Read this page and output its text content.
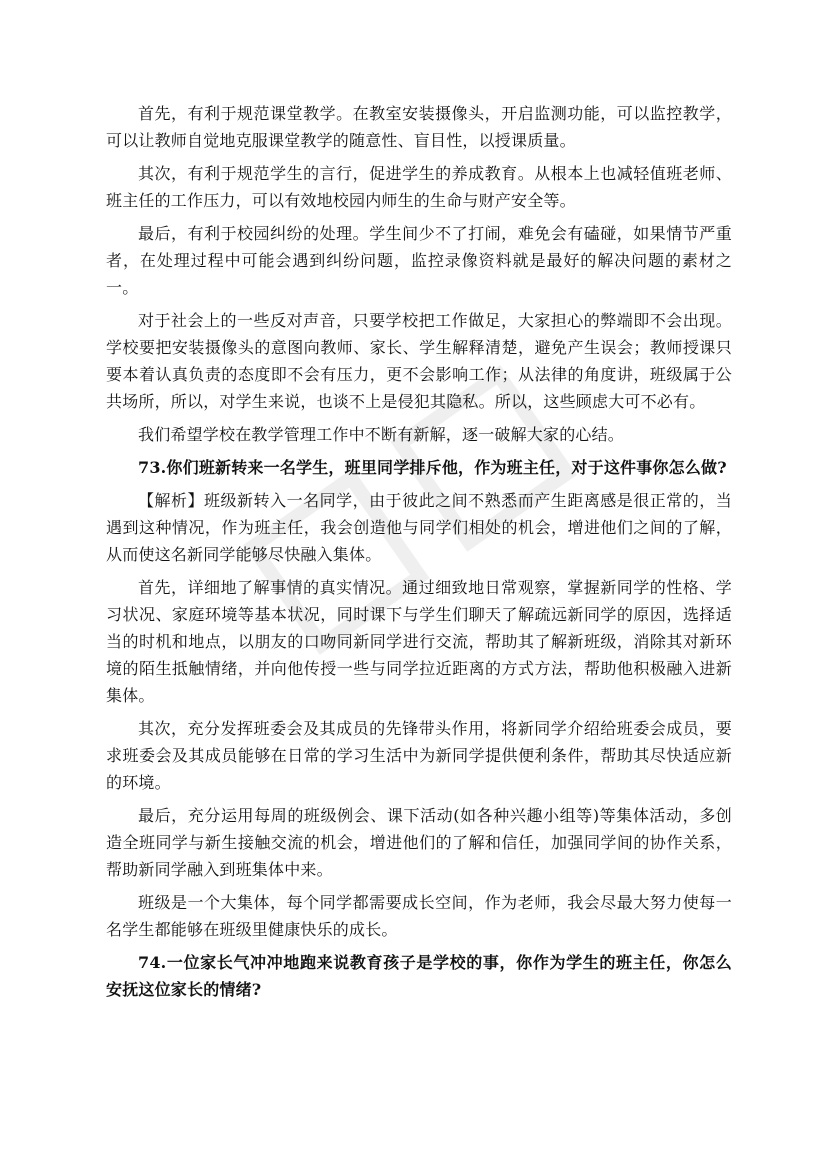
首先，有利于规范课堂教学。在教室安装摄像头，开启监测功能，可以监控教学，可以让教师自觉地克服课堂教学的随意性、盲目性，以授课质量。

其次，有利于规范学生的言行，促进学生的养成教育。从根本上也减轻值班老师、班主任的工作压力，可以有效地校园内师生的生命与财产安全等。

最后，有利于校园纠纷的处理。学生间少不了打闹，难免会有磕碰，如果情节严重者，在处理过程中可能会遇到纠纷问题，监控录像资料就是最好的解决问题的素材之一。

对于社会上的一些反对声音，只要学校把工作做足，大家担心的弊端即不会出现。学校要把安装摄像头的意图向教师、家长、学生解释清楚，避免产生误会；教师授课只要本着认真负责的态度即不会有压力，更不会影响工作；从法律的角度讲，班级属于公共场所，所以，对学生来说，也谈不上是侵犯其隐私。所以，这些顾虑大可不必有。

我们希望学校在教学管理工作中不断有新解，逐一破解大家的心结。

73.你们班新转来一名学生，班里同学排斥他，作为班主任，对于这件事你怎么做?

【解析】班级新转入一名同学，由于彼此之间不熟悉而产生距离感是很正常的，当遇到这种情况，作为班主任，我会创造他与同学们相处的机会，增进他们之间的了解，从而使这名新同学能够尽快融入集体。

首先，详细地了解事情的真实情况。通过细致地日常观察，掌握新同学的性格、学习状况、家庭环境等基本状况，同时课下与学生们聊天了解疏远新同学的原因，选择适当的时机和地点，以朋友的口吻同新同学进行交流，帮助其了解新班级，消除其对新环境的陌生抵触情绪，并向他传授一些与同学拉近距离的方式方法，帮助他积极融入进新集体。

其次，充分发挥班委会及其成员的先锋带头作用，将新同学介绍给班委会成员，要求班委会及其成员能够在日常的学习生活中为新同学提供便利条件，帮助其尽快适应新的环境。

最后，充分运用每周的班级例会、课下活动(如各种兴趣小组等)等集体活动，多创造全班同学与新生接触交流的机会，增进他们的了解和信任，加强同学间的协作关系，帮助新同学融入到班集体中来。

班级是一个大集体，每个同学都需要成长空间，作为老师，我会尽最大努力使每一名学生都能够在班级里健康快乐的成长。

74.一位家长气冲冲地跑来说教育孩子是学校的事，你作为学生的班主任，你怎么安抚这位家长的情绪?
